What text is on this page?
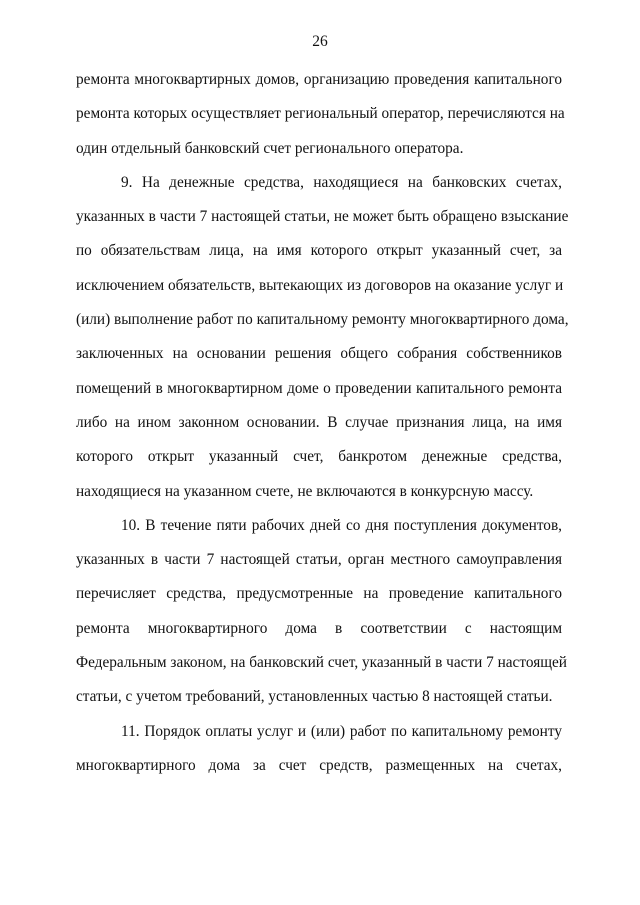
26

ремонта многоквартирных домов, организацию проведения капитального
ремонта которых осуществляет региональный оператор, перечисляются на
один отдельный банковский счет регионального оператора.

9. На денежные средства, находящиеся на банковских счетах,
указанных в части 7 настоящей статьи, не может быть обращено взыскание
по обязательствам лица, на имя которого открыт указанный счет, за
исключением обязательств, вытекающих из договоров на оказание услуг и
(или) выполнение работ по капитальному ремонту многоквартирного дома,
заключенных на основании решения общего собрания собственников
помещений в многоквартирном доме о проведении капитального ремонта
либо на ином законном основании. В случае признания лица, на имя
которого открыт указанный счет, банкротом денежные средства,
находящиеся на указанном счете, не включаются в конкурсную массу.

10. В течение пяти рабочих дней со дня поступления документов,
указанных в части 7 настоящей статьи, орган местного самоуправления
перечисляет средства, предусмотренные на проведение капитального
ремонта многоквартирного дома в соответствии с настоящим
Федеральным законом, на банковский счет, указанный в части 7 настоящей
статьи, с учетом требований, установленных частью 8 настоящей статьи.

11. Порядок оплаты услуг и (или) работ по капитальному ремонту
многоквартирного дома за счет средств, размещенных на счетах,
